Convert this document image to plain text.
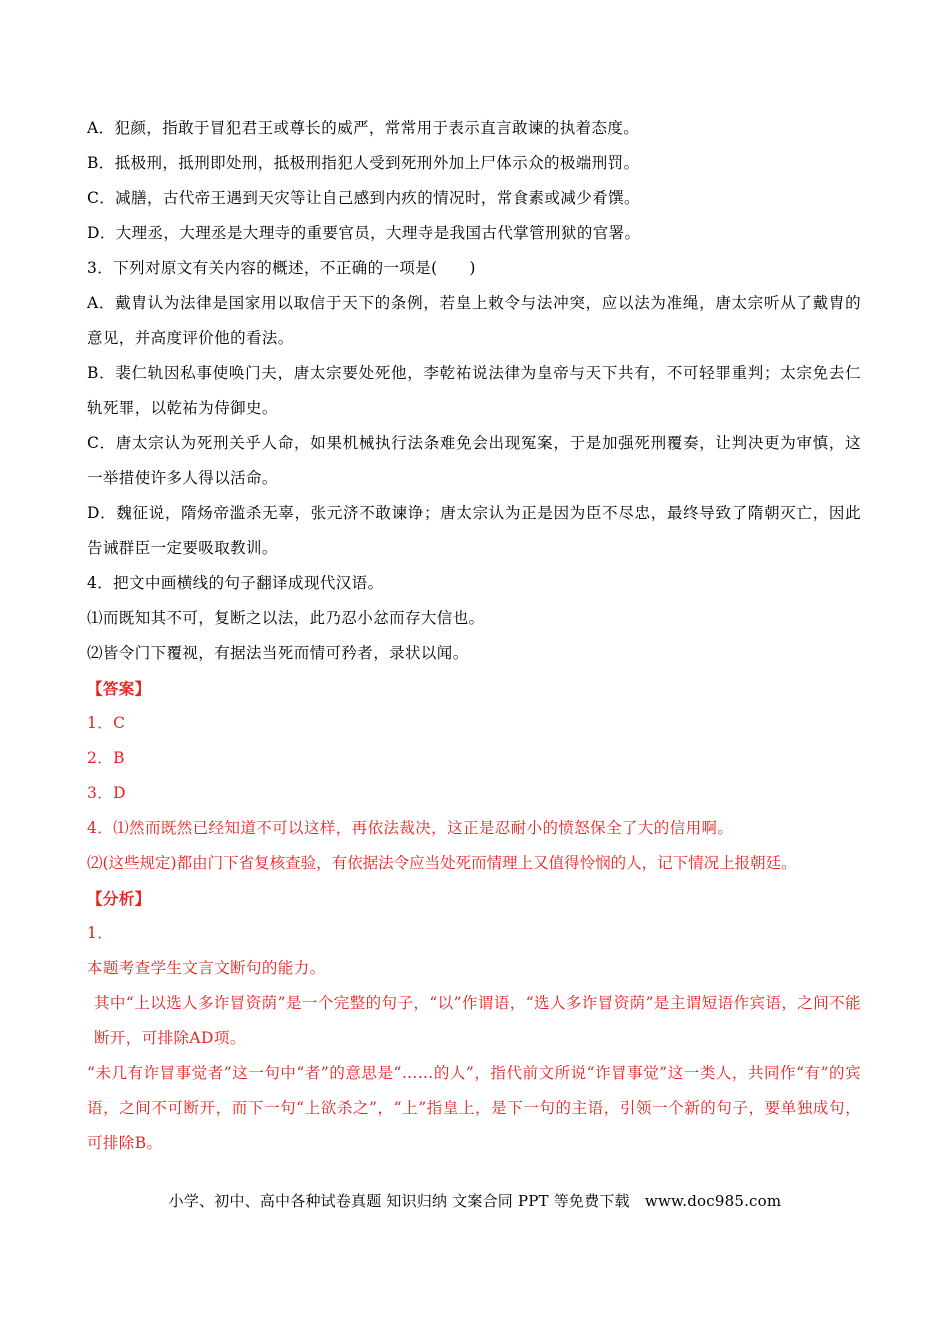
A．犯颜，指敢于冒犯君王或尊长的威严，常常用于表示直言敢谏的执着态度。
B．抵极刑，抵刑即处刑，抵极刑指犯人受到死刑外加上尸体示众的极端刑罚。
C．减膳，古代帝王遇到天灾等让自己感到内疚的情况时，常食素或减少肴馔。
D．大理丞，大理丞是大理寺的重要官员，大理寺是我国古代掌管刑狱的官署。
3．下列对原文有关内容的概述，不正确的一项是(　　)
A．戴胄认为法律是国家用以取信于天下的条例，若皇上敕令与法冲突，应以法为准绳，唐太宗听从了戴胄的意见，并高度评价他的看法。
B．裴仁轨因私事使唤门夫，唐太宗要处死他，李乾祐说法律为皇帝与天下共有，不可轻罪重判；太宗免去仁轨死罪，以乾祐为侍御史。
C．唐太宗认为死刑关乎人命，如果机械执行法条难免会出现冤案，于是加强死刑覆奏，让判决更为审慎，这一举措使许多人得以活命。
D．魏征说，隋炀帝滥杀无辜，张元济不敢谏诤；唐太宗认为正是因为臣不尽忠，最终导致了隋朝灭亡，因此告诫群臣一定要吸取教训。
4．把文中画横线的句子翻译成现代汉语。
⑴而既知其不可，复断之以法，此乃忍小忿而存大信也。
⑵皆令门下覆视，有据法当死而情可矜者，录状以闻。
【答案】
1．C
2．B
3．D
4．⑴然而既然已经知道不可以这样，再依法裁决，这正是忍耐小的愤怒保全了大的信用啊。
⑵(这些规定)都由门下省复核查验，有依据法令应当处死而情理上又值得怜悯的人，记下情况上报朝廷。
【分析】
1．
本题考查学生文言文断句的能力。
其中“上以选人多诈冒资荫”是一个完整的句子，“以”作谓语，“选人多诈冒资荫”是主谓短语作宾语，之间不能断开，可排除AD项。
“未几有诈冒事觉者”这一句中“者”的意思是“……的人”，指代前文所说“诈冒事觉”这一类人，共同作“有”的宾语，之间不可断开，而下一句“上欲杀之”，“上”指皇上，是下一句的主语，引领一个新的句子，要单独成句，可排除B。
小学、初中、高中各种试卷真题 知识归纳 文案合同 PPT 等免费下载　www.doc985.com
